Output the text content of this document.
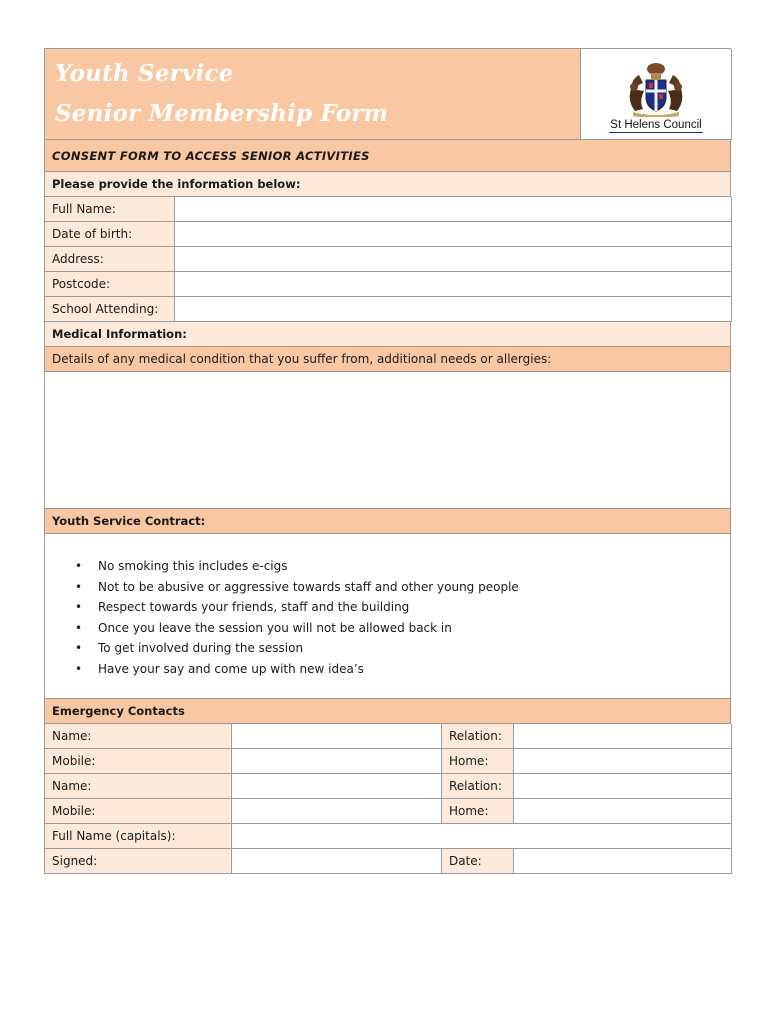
Youth Service
Senior Membership Form	St Helens Council
CONSENT FORM TO ACCESS SENIOR ACTIVITIES
Please provide the information below:
Full Name:
Date of birth:
Address:
Postcode:
School Attending:
Medical Information:
Details of any medical condition that you suffer from, additional needs or allergies:
Youth Service Contract:
• No smoking this includes e-cigs
• Not to be abusive or aggressive towards staff and other young people
• Respect towards your friends, staff and the building
• Once you leave the session you will not be allowed back in
• To get involved during the session
• Have your say and come up with new idea’s
Emergency Contacts
Name:	Relation:
Mobile:	Home:
Name:	Relation:
Mobile:	Home:
Full Name (capitals):
Signed:	Date:
